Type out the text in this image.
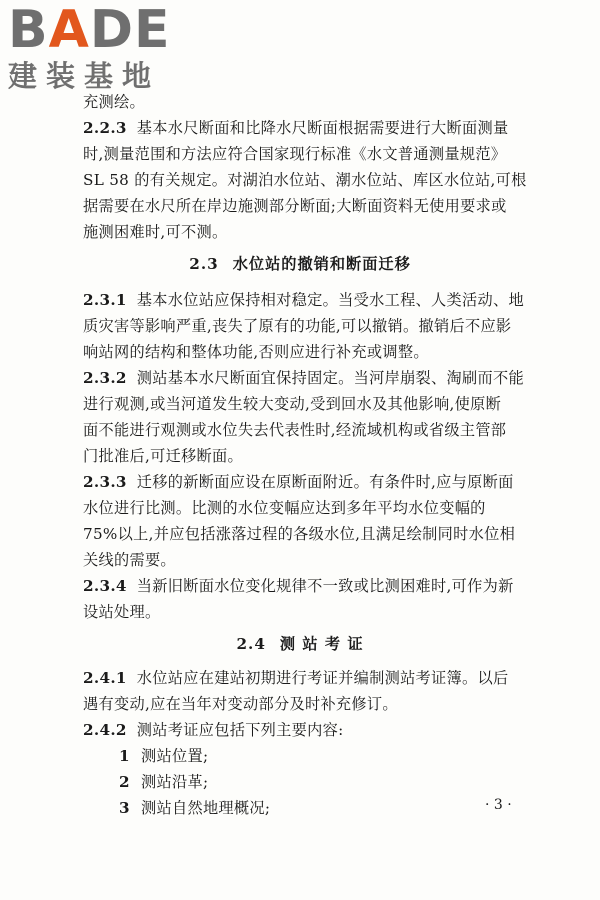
BADE
建装基地
充测绘。
2.2.3 基本水尺断面和比降水尺断面根据需要进行大断面测量
时,测量范围和方法应符合国家现行标准《水文普通测量规范》
SL 58 的有关规定。对湖泊水位站、潮水位站、库区水位站,可根
据需要在水尺所在岸边施测部分断面;大断面资料无使用要求或
施测困难时,可不测。
2.3 水位站的撤销和断面迁移
2.3.1 基本水位站应保持相对稳定。当受水工程、人类活动、地
质灾害等影响严重,丧失了原有的功能,可以撤销。撤销后不应影
响站网的结构和整体功能,否则应进行补充或调整。
2.3.2 测站基本水尺断面宜保持固定。当河岸崩裂、淘刷而不能
进行观测,或当河道发生较大变动,受到回水及其他影响,使原断
面不能进行观测或水位失去代表性时,经流域机构或省级主管部
门批准后,可迁移断面。
2.3.3 迁移的新断面应设在原断面附近。有条件时,应与原断面
水位进行比测。比测的水位变幅应达到多年平均水位变幅的
75%以上,并应包括涨落过程的各级水位,且满足绘制同时水位相
关线的需要。
2.3.4 当新旧断面水位变化规律不一致或比测困难时,可作为新
设站处理。
2.4 测 站 考 证
2.4.1 水位站应在建站初期进行考证并编制测站考证簿。以后
遇有变动,应在当年对变动部分及时补充修订。
2.4.2 测站考证应包括下列主要内容:
1 测站位置;
2 测站沿革;
3 测站自然地理概况;	· 3 ·
